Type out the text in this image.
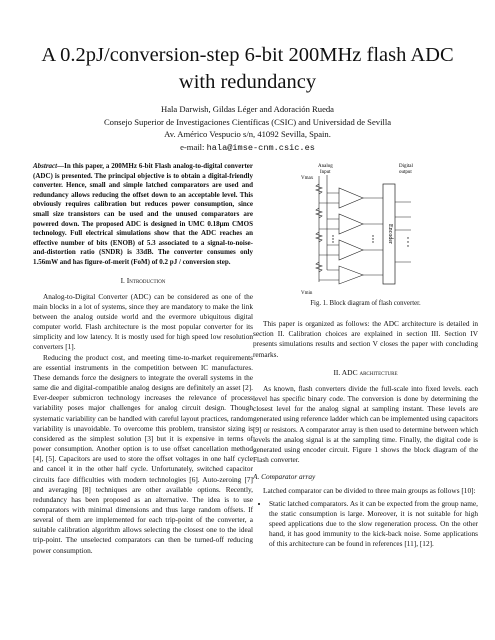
A 0.2pJ/conversion-step 6-bit 200MHz flash ADC
with redundancy
Hala Darwish, Gildas Léger and Adoración Rueda
Consejo Superior de Investigaciones Científicas (CSIC) and Universidad de Sevilla
Av. Américo Vespucio s/n, 41092 Sevilla, Spain.
e-mail: hala@imse-cnm.csic.es
Abstract—In this paper, a 200MHz 6-bit Flash analog-to-digital converter (ADC) is presented. The principal objective is to obtain a digital-friendly converter. Hence, small and simple latched comparators are used and redundancy allows reducing the offset down to an acceptable level. This obviously requires calibration but reduces power consumption, since small size transistors can be used and the unused comparators are powered down. The proposed ADC is designed in UMC 0.18μm CMOS technology. Full electrical simulations show that the ADC reaches an effective number of bits (ENOB) of 5.3 associated to a signal-to-noise-and-distortion ratio (SNDR) is 33dB. The converter consumes only 1.56mW and has figure-of-merit (FoM) of 0.2 pJ / conversion step.
I. Introduction

Analog-to-Digital Converter (ADC) can be considered as one of the main blocks in a lot of systems, since they are mandatory to make the link between the analog outside world and the evermore ubiquitous digital computer world. Flash architecture is the most popular converter for its simplicity and low latency. It is mostly used for high speed low resolution converters [1].

Reducing the product cost, and meeting time-to-market requirements are essential instruments in the competition between IC manufactures. These demands force the designers to integrate the overall systems in the same die and digital-compatible analog designs are definitely an asset [2]. Ever-deeper submicron technology increases the relevance of process variability poses major challenges for analog circuit design. Though systematic variability can be handled with careful layout practices, random variability is unavoidable. To overcome this problem, transistor sizing is considered as the simplest solution [3] but it is expensive in terms of power consumption. Another option is to use offset cancellation method [4], [5]. Capacitors are used to store the offset voltages in one half cycle and cancel it in the other half cycle. Unfortunately, switched capacitor circuits face difficulties with modern technologies [6]. Auto-zeroing [7] and averaging [8] techniques are other available options. Recently, redundancy has been proposed as an alternative. The idea is to use comparators with minimal dimensions and thus large random offsets. If several of them are implemented for each trip-point of the converter, a suitable calibration algorithm allows selecting the closest one to the ideal trip-point. The unselected comparators can then be turned-off reducing power consumption.

Analog
Input
Vmax
Digital
output
Vmin
Encoder

Fig. 1. Block diagram of flash converter.

This paper is organized as follows: the ADC architecture is detailed in section II. Calibration choices are explained in section III. Section IV presents simulations results and section V closes the paper with concluding remarks.

II. ADC architecture

As known, flash converters divide the full-scale into fixed levels. each level has specific binary code. The conversion is done by determining the closest level for the analog signal at sampling instant. These levels are generated using reference ladder which can be implemented using capacitors [9] or resistors. A comparator array is then used to determine between which levels the analog signal is at the sampling time. Finally, the digital code is generated using encoder circuit. Figure 1 shows the block diagram of the Flash converter.

A. Comparator array

Latched comparator can be divided to three main groups as follows [10]:

• Static latched comparators. As it can be expected from the group name, the static consumption is large. Moreover, it is not suitable for high speed applications due to the slow regeneration process. On the other hand, it has good immunity to the kick-back noise. Some applications of this architecture can be found in references [11], [12].
